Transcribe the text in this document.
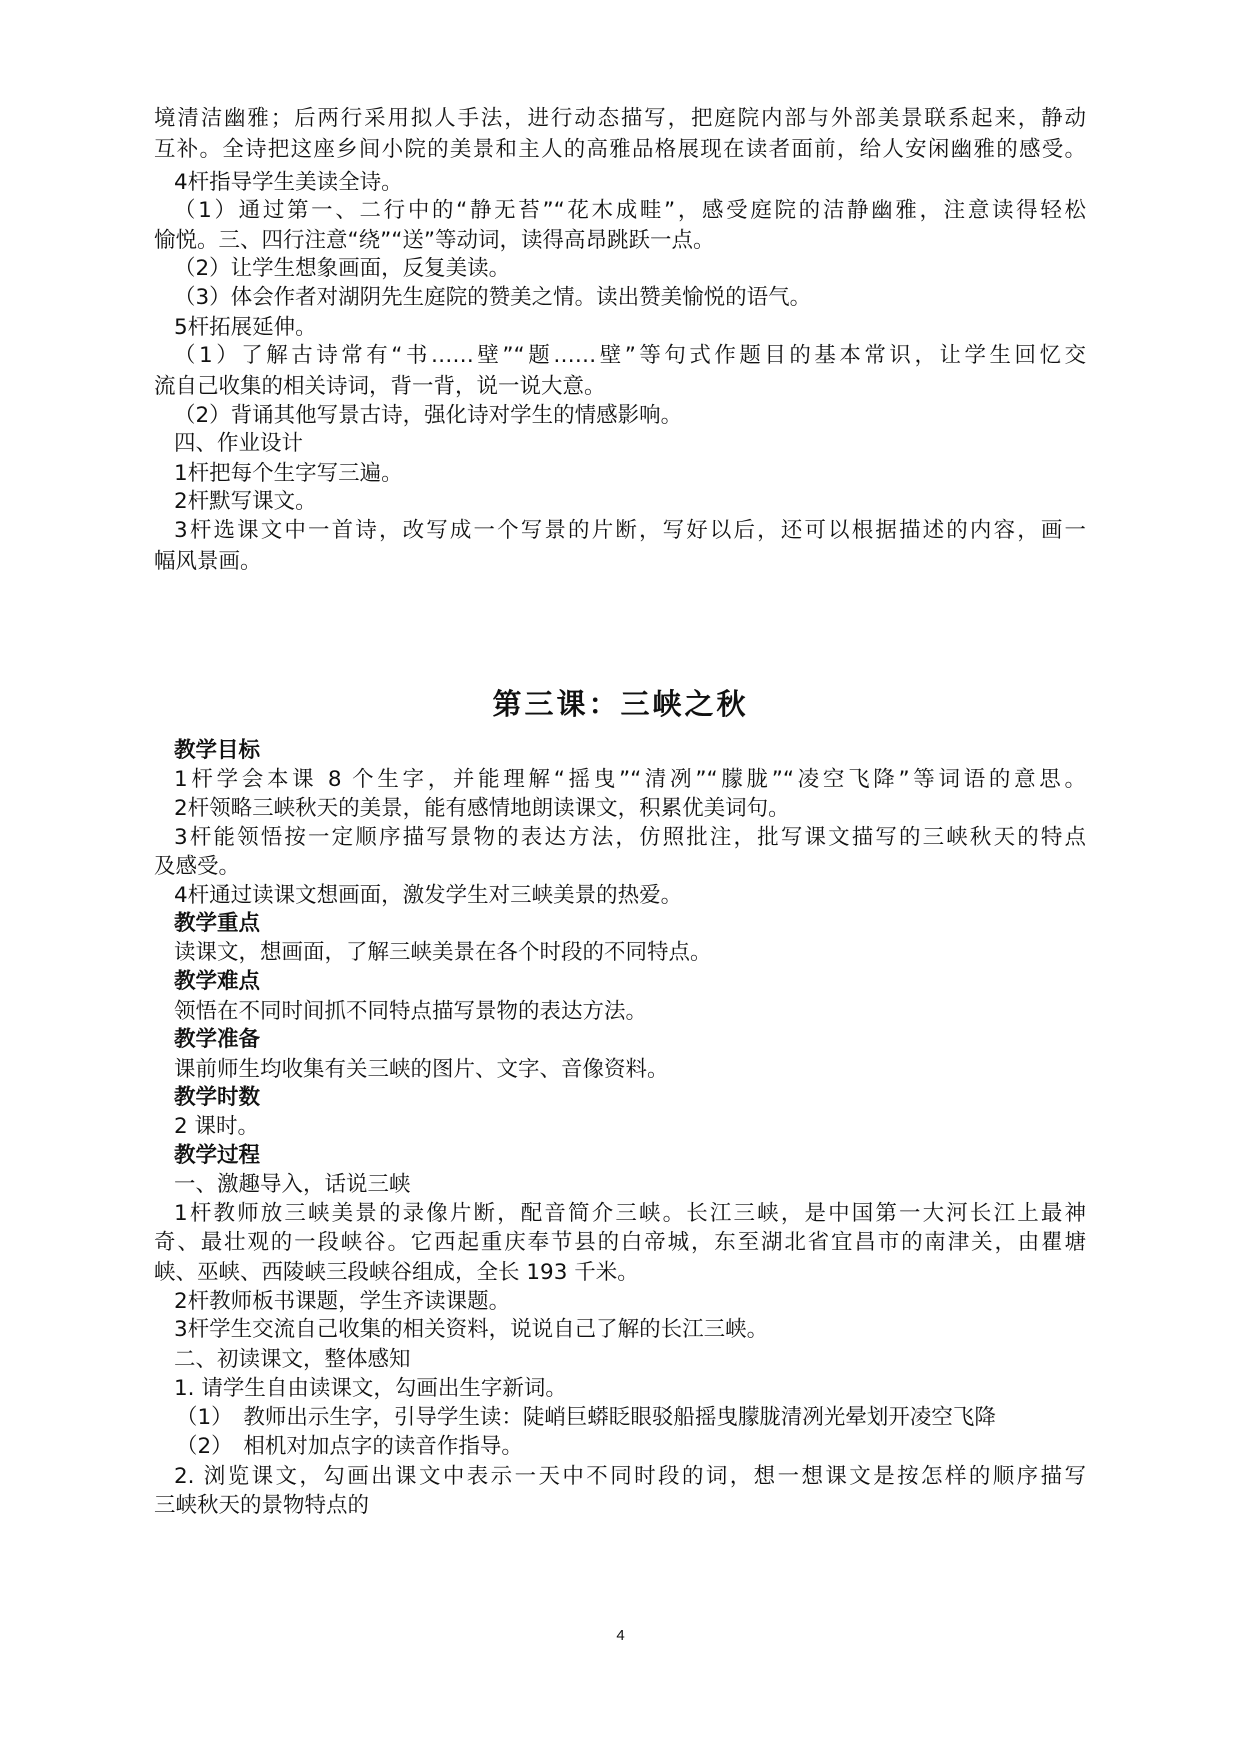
境清洁幽雅；后两行采用拟人手法，进行动态描写，把庭院内部与外部美景联系起来，静动
互补。全诗把这座乡间小院的美景和主人的高雅品格展现在读者面前，给人安闲幽雅的感受。
4杆指导学生美读全诗。
（1）通过第一、二行中的“静无苔”“花木成畦”，感受庭院的洁静幽雅，注意读得轻松
愉悦。三、四行注意“绕”“送”等动词，读得高昂跳跃一点。
（2）让学生想象画面，反复美读。
（3）体会作者对湖阴先生庭院的赞美之情。读出赞美愉悦的语气。
5杆拓展延伸。
（1）了解古诗常有“书……壁”“题……壁”等句式作题目的基本常识，让学生回忆交
流自己收集的相关诗词，背一背，说一说大意。
（2）背诵其他写景古诗，强化诗对学生的情感影响。
四、作业设计
1杆把每个生字写三遍。
2杆默写课文。
3杆选课文中一首诗，改写成一个写景的片断，写好以后，还可以根据描述的内容，画一
幅风景画。
第三课：三峡之秋
教学目标
1杆学会本课 8 个生字，并能理解“摇曳”“清冽”“朦胧”“凌空飞降”等词语的意思。
2杆领略三峡秋天的美景，能有感情地朗读课文，积累优美词句。
3杆能领悟按一定顺序描写景物的表达方法，仿照批注，批写课文描写的三峡秋天的特点
及感受。
4杆通过读课文想画面，激发学生对三峡美景的热爱。
教学重点
读课文，想画面，了解三峡美景在各个时段的不同特点。
教学难点
领悟在不同时间抓不同特点描写景物的表达方法。
教学准备
课前师生均收集有关三峡的图片、文字、音像资料。
教学时数
2 课时。
教学过程
一、激趣导入，话说三峡
1杆教师放三峡美景的录像片断，配音简介三峡。长江三峡，是中国第一大河长江上最神
奇、最壮观的一段峡谷。它西起重庆奉节县的白帝城，东至湖北省宜昌市的南津关，由瞿塘
峡、巫峡、西陵峡三段峡谷组成，全长 193 千米。
2杆教师板书课题，学生齐读课题。
3杆学生交流自己收集的相关资料，说说自己了解的长江三峡。
二、初读课文，整体感知
1. 请学生自由读课文，勾画出生字新词。
（1）　教师出示生字，引导学生读：陡峭巨蟒眨眼驳船摇曳朦胧清冽光晕划开凌空飞降
（2）　相机对加点字的读音作指导。
2. 浏览课文，勾画出课文中表示一天中不同时段的词，想一想课文是按怎样的顺序描写
三峡秋天的景物特点的
4
